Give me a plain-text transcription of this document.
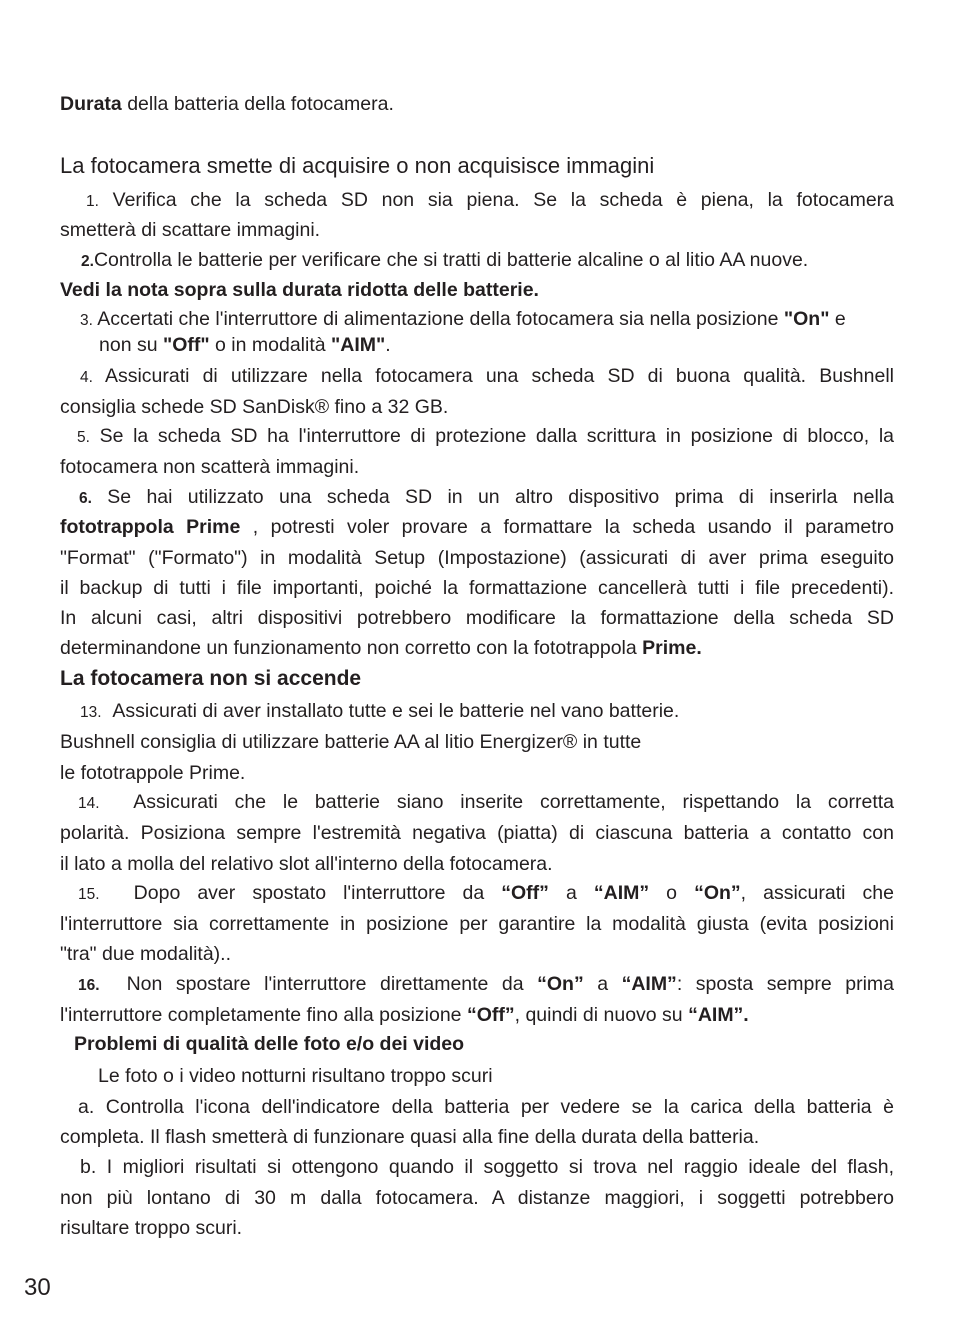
Durata della batteria della fotocamera.
La fotocamera smette di acquisire o non acquisisce immagini
1. Verifica che la scheda SD non sia piena. Se la scheda è piena, la fotocamera
smetterà di scattare immagini.
2.Controlla le batterie per verificare che si tratti di batterie alcaline o al litio AA nuove.
Vedi la nota sopra sulla durata ridotta delle batterie.
3. Accertati che l'interruttore di alimentazione della fotocamera sia nella posizione "On" e
non su "Off" o in modalità "AIM".
4. Assicurati di utilizzare nella fotocamera una scheda SD di buona qualità. Bushnell
consiglia schede SD SanDisk® fino a 32 GB.
5. Se la scheda SD ha l'interruttore di protezione dalla scrittura in posizione di blocco, la
fotocamera non scatterà immagini.
6. Se hai utilizzato una scheda SD in un altro dispositivo prima di inserirla nella
fototrappola Prime , potresti voler provare a formattare la scheda usando il parametro
"Format" ("Formato") in modalità Setup (Impostazione) (assicurati di aver prima eseguito
il backup di tutti i file importanti, poiché la formattazione cancellerà tutti i file precedenti).
In alcuni casi, altri dispositivi potrebbero modificare la formattazione della scheda SD
determinandone un funzionamento non corretto con la fototrappola Prime.
La fotocamera non si accende
13. Assicurati di aver installato tutte e sei le batterie nel vano batterie.
Bushnell consiglia di utilizzare batterie AA al litio Energizer® in tutte
le fototrappole Prime.
14. Assicurati che le batterie siano inserite correttamente, rispettando la corretta
polarità. Posiziona sempre l'estremità negativa (piatta) di ciascuna batteria a contatto con
il lato a molla del relativo slot all'interno della fotocamera.
15. Dopo aver spostato l'interruttore da “Off” a “AIM” o “On”, assicurati che
l'interruttore sia correttamente in posizione per garantire la modalità giusta (evita posizioni
"tra" due modalità)..
16. Non spostare l'interruttore direttamente da “On” a “AIM”: sposta sempre prima
l'interruttore completamente fino alla posizione “Off”, quindi di nuovo su “AIM”.
Problemi di qualità delle foto e/o dei video
Le foto o i video notturni risultano troppo scuri
a. Controlla l'icona dell'indicatore della batteria per vedere se la carica della batteria è
completa. Il flash smetterà di funzionare quasi alla fine della durata della batteria.
b. I migliori risultati si ottengono quando il soggetto si trova nel raggio ideale del flash,
non più lontano di 30 m dalla fotocamera. A distanze maggiori, i soggetti potrebbero
risultare troppo scuri.
30
